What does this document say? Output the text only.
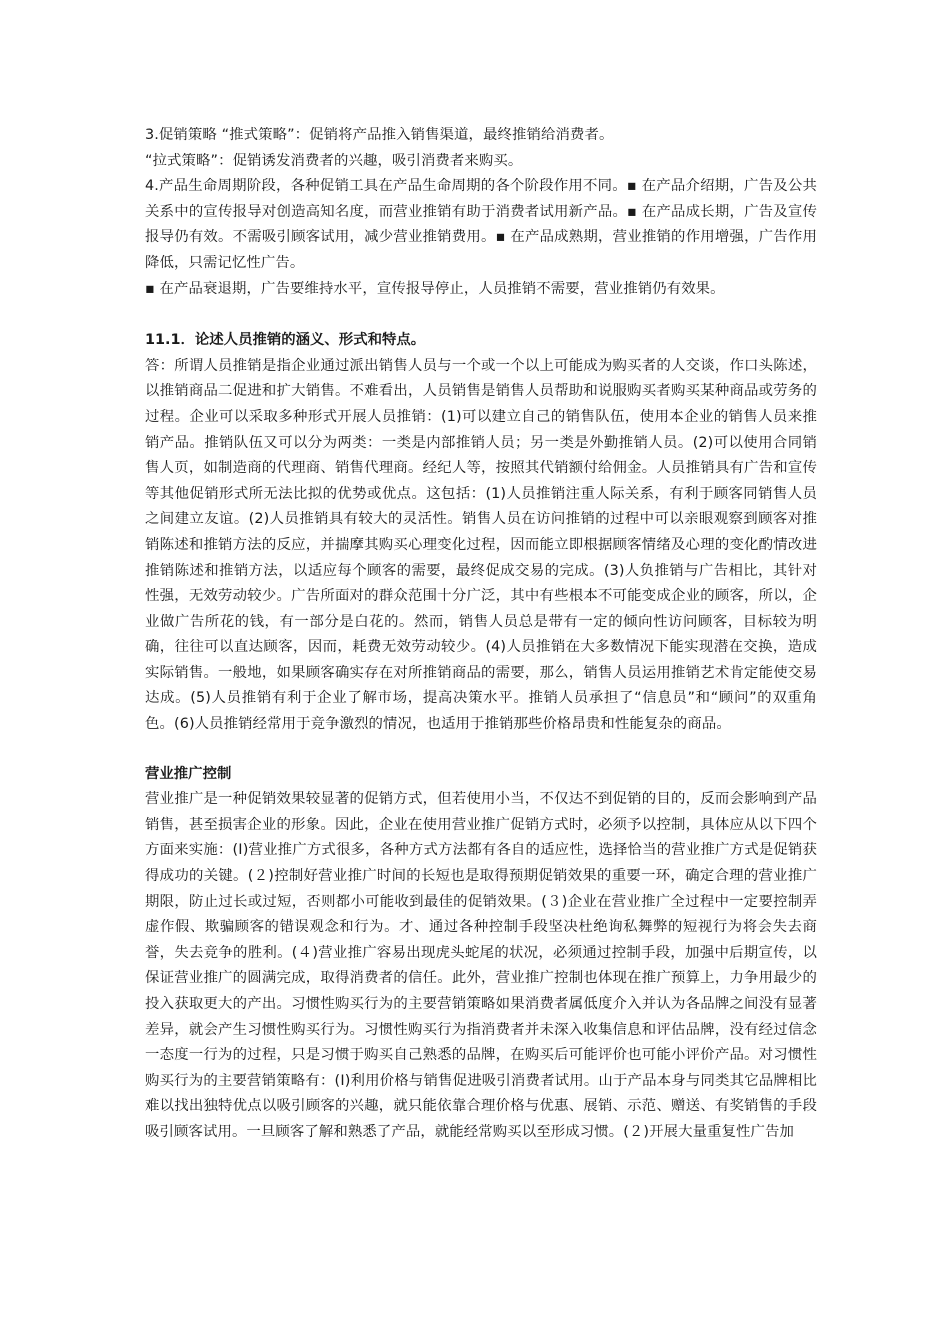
3.促销策略 “推式策略”：促销将产品推入销售渠道，最终推销给消费者。

“拉式策略”：促销诱发消费者的兴趣，吸引消费者来购买。

4.产品生命周期阶段，各种促销工具在产品生命周期的各个阶段作用不同。▪ 在产品介绍期，广告及公共关系中的宣传报导对创造高知名度，而营业推销有助于消费者试用新产品。▪ 在产品成长期，广告及宣传报导仍有效。不需吸引顾客试用，减少营业推销费用。▪ 在产品成熟期，营业推销的作用增强，广告作用降低，只需记忆性广告。

▪ 在产品衰退期，广告要维持水平，宣传报导停止，人员推销不需要，营业推销仍有效果。

11.1．论述人员推销的涵义、形式和特点。

答：所谓人员推销是指企业通过派出销售人员与一个或一个以上可能成为购买者的人交谈，作口头陈述，以推销商品二促进和扩大销售。不难看出，人员销售是销售人员帮助和说服购买者购买某种商品或劳务的过程。企业可以采取多种形式开展人员推销：(1)可以建立自己的销售队伍，使用本企业的销售人员来推销产品。推销队伍又可以分为两类：一类是内部推销人员；另一类是外勤推销人员。(2)可以使用合同销售人页，如制造商的代理商、销售代理商。经纪人等，按照其代销额付给佣金。人员推销具有广告和宣传等其他促销形式所无法比拟的优势或优点。这包括：(1)人员推销注重人际关系，有利于顾客同销售人员之间建立友谊。(2)人员推销具有较大的灵活性。销售人员在访问推销的过程中可以亲眼观察到顾客对推销陈述和推销方法的反应，并揣摩其购买心理变化过程，因而能立即根据顾客情绪及心理的变化酌情改进推销陈述和推销方法，以适应每个顾客的需要，最终促成交易的完成。(3)人负推销与广告相比，其针对性强，无效劳动较少。广告所面对的群众范围十分广泛，其中有些根本不可能变成企业的顾客，所以，企业做广告所花的钱，有一部分是白花的。然而，销售人员总是带有一定的倾向性访问顾客，目标较为明确，往往可以直达顾客，因而，耗费无效劳动较少。(4)人员推销在大多数情况下能实现潜在交换，造成实际销售。一般地，如果顾客确实存在对所推销商品的需要，那么，销售人员运用推销艺术肯定能使交易达成。(5)人员推销有利于企业了解市场，提高决策水平。推销人员承担了“信息员”和“顾问”的双重角色。(6)人员推销经常用于竞争激烈的情况，也适用于推销那些价格昂贵和性能复杂的商品。

营业推广控制

营业推广是一种促销效果较显著的促销方式，但若使用小当，不仅达不到促销的目的，反而会影响到产品销售，甚至损害企业的形象。因此，企业在使用营业推广促销方式时，必须予以控制，具体应从以下四个方面来实施：(Ⅰ)营业推广方式很多，各种方式方法都有各自的适应性，选择恰当的营业推广方式是促销获得成功的关键。(２)控制好营业推广时间的长短也是取得预期促销效果的重要一环，确定合理的营业推广期限，防止过长或过短，否则都小可能收到最佳的促销效果。(３)企业在营业推广全过程中一定要控制弄虚作假、欺骗顾客的错误观念和行为。才、通过各种控制手段坚决杜绝询私舞弊的短视行为将会失去商誉，失去竞争的胜利。(４)营业推广容易出现虎头蛇尾的状况，必须通过控制手段，加强中后期宣传，以保证营业推广的圆满完成，取得消费者的信任。此外，营业推广控制也体现在推广预算上，力争用最少的投入获取更大的产出。习惯性购买行为的主要营销策略如果消费者属低度介入并认为各品牌之间没有显著差异，就会产生习惯性购买行为。习惯性购买行为指消费者并未深入收集信息和评估品牌，没有经过信念一态度一行为的过程，只是习惯于购买自己熟悉的品牌，在购买后可能评价也可能小评价产品。对习惯性购买行为的主要营销策略有：(Ⅰ)利用价格与销售促进吸引消费者试用。山于产品本身与同类其它品牌相比难以找出独特优点以吸引顾客的兴趣，就只能依靠合理价格与优惠、展销、示范、赠送、有奖销售的手段吸引顾客试用。一旦顾客了解和熟悉了产品，就能经常购买以至形成习惯。(２)开展大量重复性广告加
